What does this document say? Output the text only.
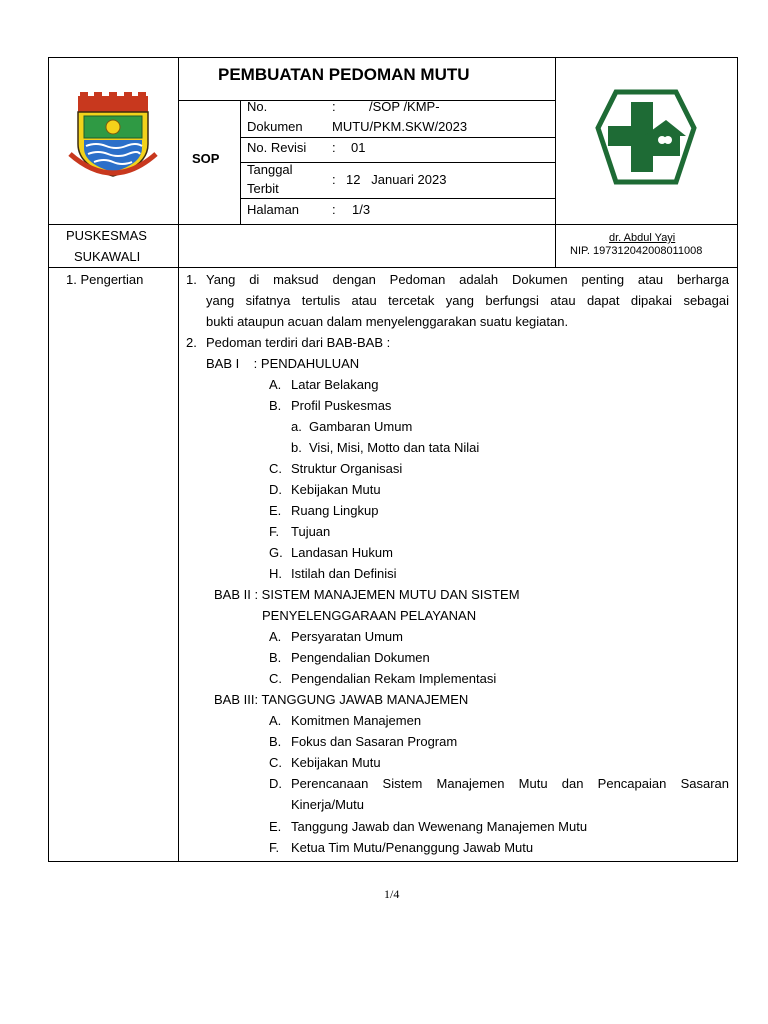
PEMBUATAN PEDOMAN MUTU
SOP
No.
Dokumen
:	/SOP /KMP-
MUTU/PKM.SKW/2023
No. Revisi : 01
Tanggal
Terbit
: 12   Januari 2023
Halaman	: 1/3
PUSKESMAS
SUKAWALI
dr. Abdul Yayi
NIP. 197312042008011008
1. Pengertian	1. Yang di maksud dengan Pedoman adalah Dokumen penting atau berharga
yang sifatnya tertulis atau tercetak yang berfungsi atau dapat dipakai sebagai
bukti ataupun acuan dalam menyelenggarakan suatu kegiatan.
2. Pedoman terdiri dari BAB-BAB :
BAB I    : PENDAHULUAN
A. Latar Belakang
B. Profil Puskesmas
a. Gambaran Umum
b. Visi, Misi, Motto dan tata Nilai
C. Struktur Organisasi
D. Kebijakan Mutu
E. Ruang Lingkup
F. Tujuan
G. Landasan Hukum
H. Istilah dan Definisi
BAB II : SISTEM MANAJEMEN MUTU DAN SISTEM
PENYELENGGARAAN PELAYANAN
A. Persyaratan Umum
B. Pengendalian Dokumen
C. Pengendalian Rekam Implementasi
BAB III: TANGGUNG JAWAB MANAJEMEN
A. Komitmen Manajemen
B. Fokus dan Sasaran Program
C. Kebijakan Mutu
D. Perencanaan Sistem Manajemen Mutu dan Pencapaian Sasaran
Kinerja/Mutu
E. Tanggung Jawab dan Wewenang Manajemen Mutu
F. Ketua Tim Mutu/Penanggung Jawab Mutu
1/4
